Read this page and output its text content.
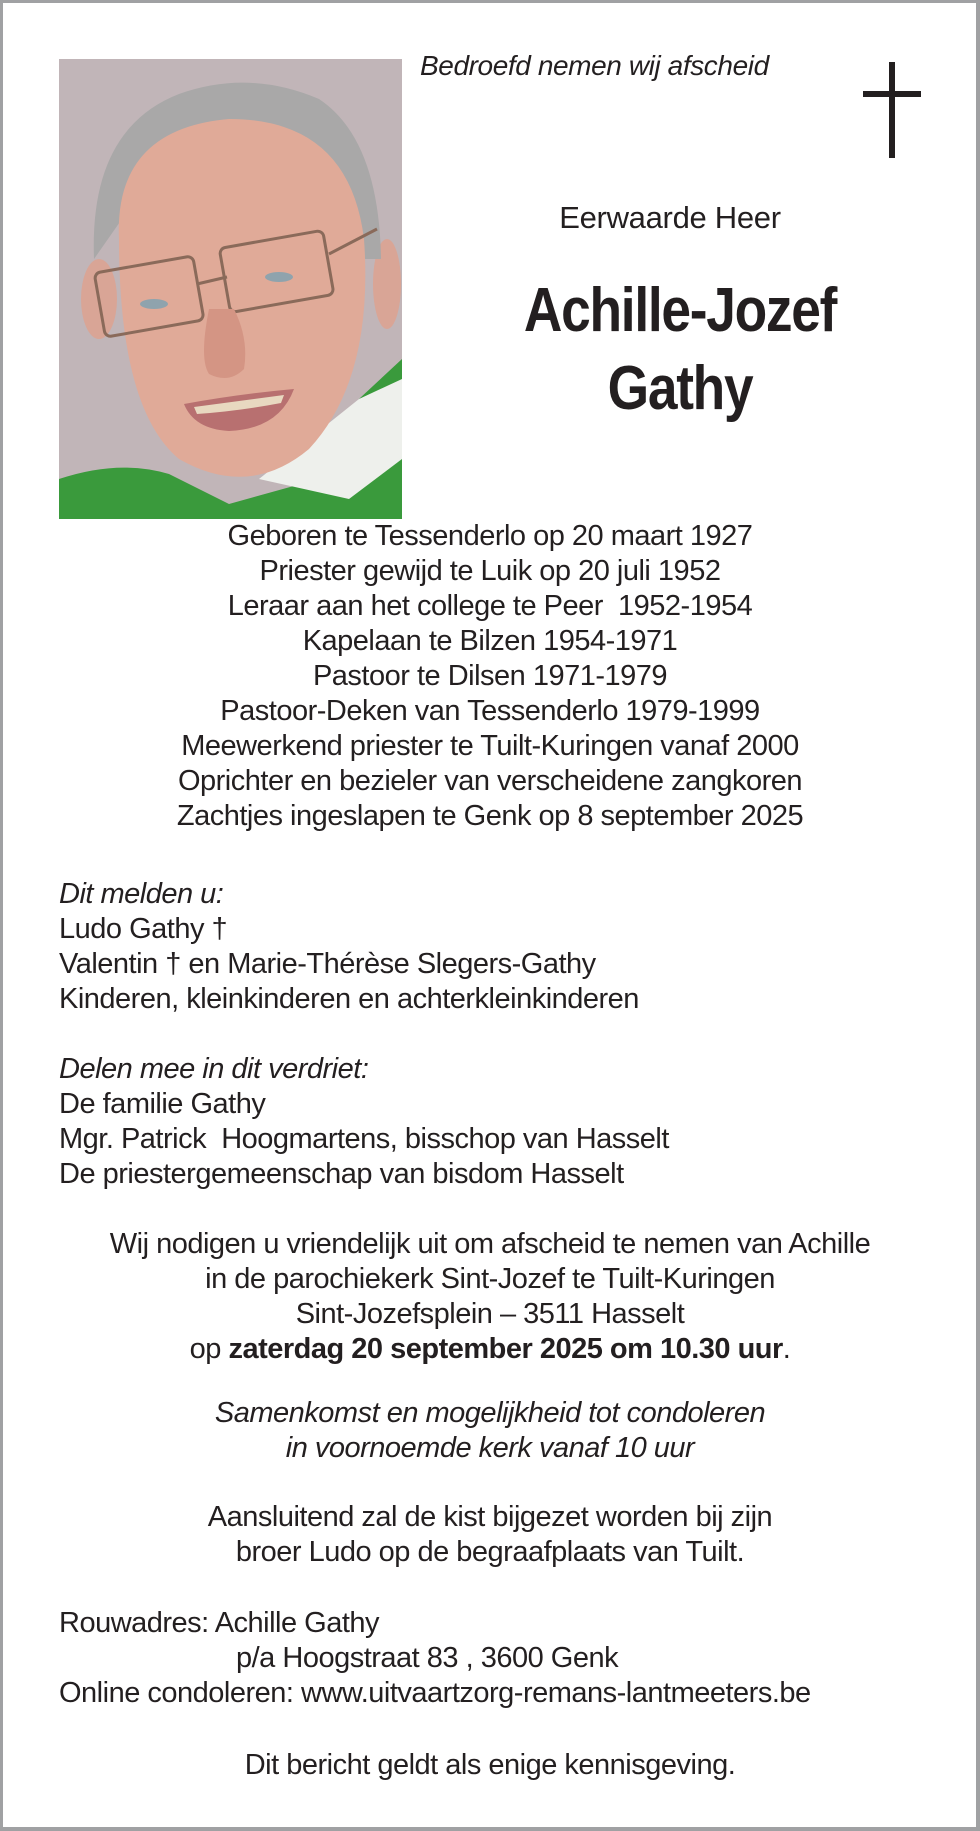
Bedroefd nemen wij afscheid
Eerwaarde Heer
Achille-Jozef
Gathy
Geboren te Tessenderlo op 20 maart 1927
Priester gewijd te Luik op 20 juli 1952
Leraar aan het college te Peer  1952-1954
Kapelaan te Bilzen 1954-1971
Pastoor te Dilsen 1971-1979
Pastoor-Deken van Tessenderlo 1979-1999
Meewerkend priester te Tuilt-Kuringen vanaf 2000
Oprichter en bezieler van verscheidene zangkoren
Zachtjes ingeslapen te Genk op 8 september 2025
Dit melden u:
Ludo Gathy †
Valentin † en Marie-Thérèse Slegers-Gathy
Kinderen, kleinkinderen en achterkleinkinderen
Delen mee in dit verdriet:
De familie Gathy
Mgr. Patrick  Hoogmartens, bisschop van Hasselt
De priestergemeenschap van bisdom Hasselt
Wij nodigen u vriendelijk uit om afscheid te nemen van Achille
in de parochiekerk Sint-Jozef te Tuilt-Kuringen
Sint-Jozefsplein – 3511 Hasselt
op zaterdag 20 september 2025 om 10.30 uur.
Samenkomst en mogelijkheid tot condoleren
in voornoemde kerk vanaf 10 uur
Aansluitend zal de kist bijgezet worden bij zijn
broer Ludo op de begraafplaats van Tuilt.
Rouwadres: Achille Gathy
p/a Hoogstraat 83 , 3600 Genk
Online condoleren: www.uitvaartzorg-remans-lantmeeters.be
Dit bericht geldt als enige kennisgeving.
